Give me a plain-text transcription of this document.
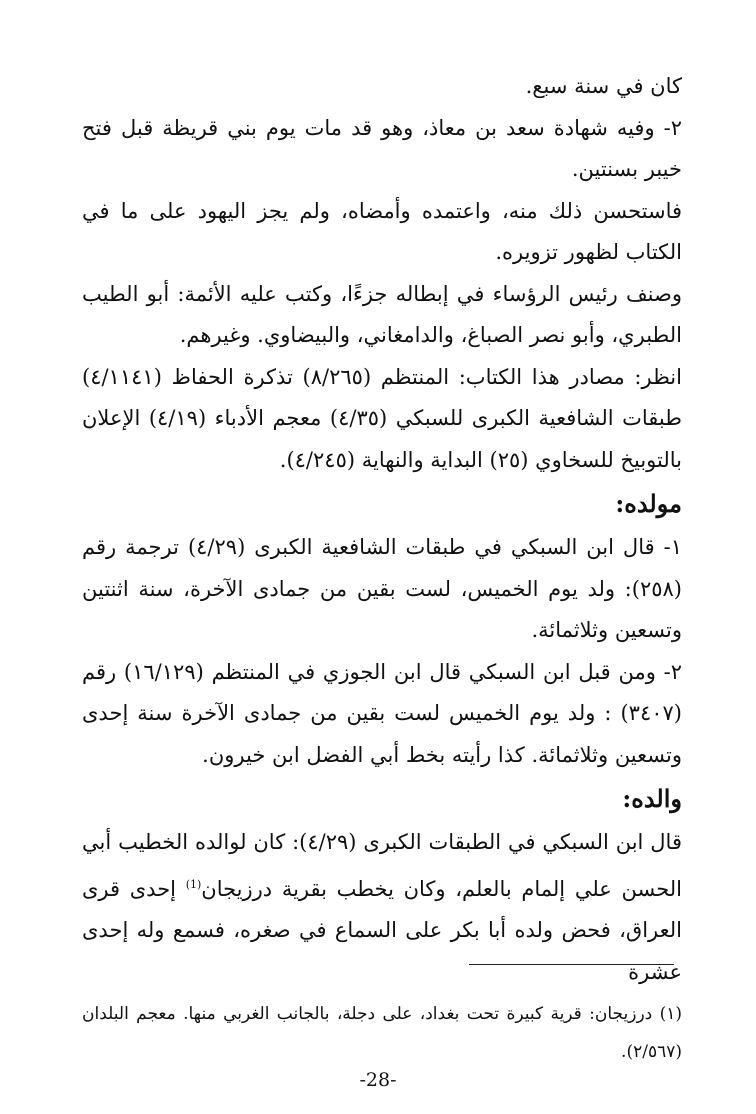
كان في سنة سبع.

٢- وفيه شهادة سعد بن معاذ، وهو قد مات يوم بني قريظة قبل فتح خيبر بسنتين.

فاستحسن ذلك منه، واعتمده وأمضاه، ولم يجز اليهود على ما في الكتاب لظهور تزويره.

وصنف رئيس الرؤساء في إبطاله جزءًا، وكتب عليه الأئمة: أبو الطيب الطبري، وأبو نصر الصباغ، والدامغاني، والبيضاوي. وغيرهم.

انظر: مصادر هذا الكتاب: المنتظم (٨/٢٦٥) تذكرة الحفاظ (٤/١١٤١) طبقات الشافعية الكبرى للسبكي (٤/٣٥) معجم الأدباء (٤/١٩) الإعلان بالتوبيخ للسخاوي (٢٥) البداية والنهاية (٤/٢٤٥).

مولده:

١- قال ابن السبكي في طبقات الشافعية الكبرى (٤/٢٩) ترجمة رقم (٢٥٨): ولد يوم الخميس، لست بقين من جمادى الآخرة، سنة اثنتين وتسعين وثلاثمائة.

٢- ومن قبل ابن السبكي قال ابن الجوزي في المنتظم (١٦/١٢٩) رقم (٣٤٠٧) : ولد يوم الخميس لست بقين من جمادى الآخرة سنة إحدى وتسعين وثلاثمائة. كذا رأيته بخط أبي الفضل ابن خيرون.

والده:

قال ابن السبكي في الطبقات الكبرى (٤/٢٩): كان لوالده الخطيب أبي الحسن علي إلمام بالعلم، وكان يخطب بقرية درزيجان$^{(1)}$ إحدى قرى العراق، فحض ولده أبا بكر على السماع في صغره، فسمع وله إحدى عشرة

(١) درزيجان: قرية كبيرة تحت بغداد، على دجلة، بالجانب الغربي منها. معجم البلدان (٢/٥٦٧).

-28-
